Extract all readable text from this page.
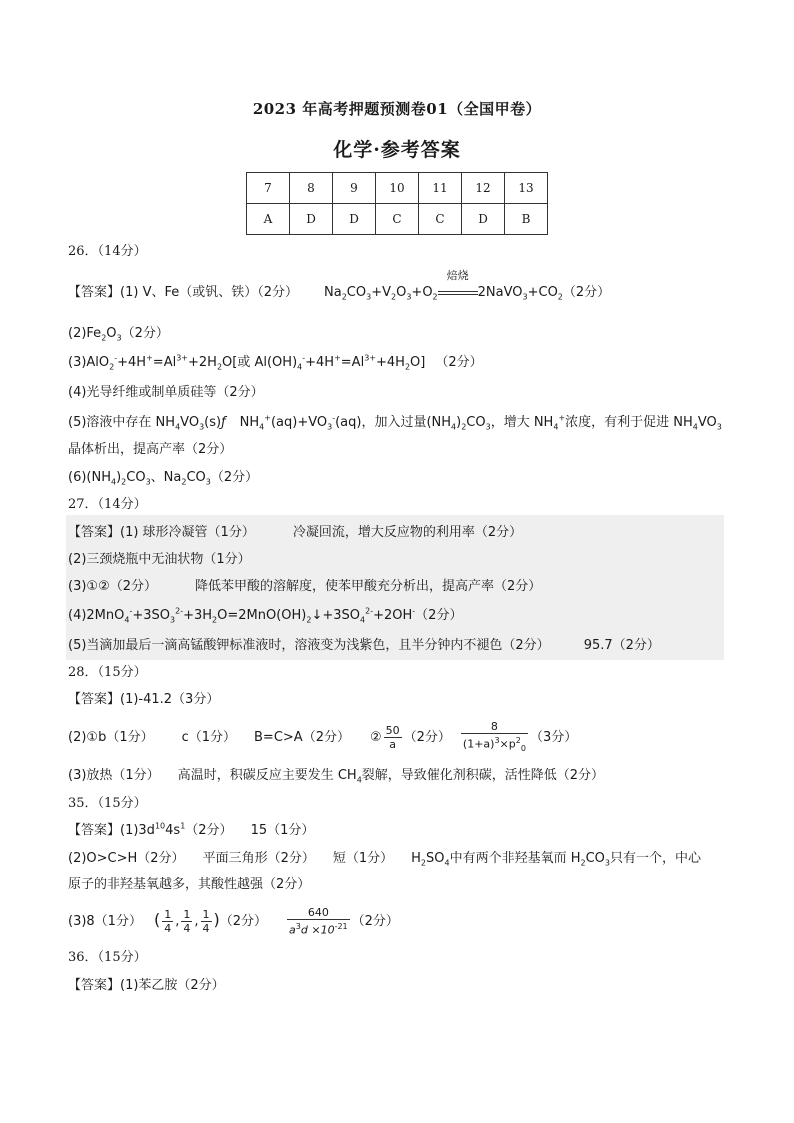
2023 年高考押题预测卷01（全国甲卷）
化学·参考答案
7	8	9	10	11	12	13
A	D	D	C	C	D	B
26．（14分）
【答案】(1) V、Fe（或钒、铁）（2分） $Na_2CO_3+V_2O_3+O_2$
焙烧
$2NaVO_3+CO_2(2$分）
$(2)Fe_2O_3(2$分）
$(3)AlO_2^-+4H^+=Al^{3+}+2H_2O$[或 $Al(OH)_4^-+4H^+=Al^{3+}+4H_2O$] （2分）
(4)光导纤维或制单质硅等（2分）
(5)溶液中存在 $NH_4VO_3(s)ƒ$ $NH_4^+(aq)+VO_3^-(aq)$，加入过量$(NH_4)_2CO_3$，增大 $NH_4^+$浓度，有利于促进 $NH_4VO_3$
晶体析出，提高产率（2分）
$(6)(NH_4)_2CO_3$、$Na_2CO_3(2$分）
27．（14分）
【答案】(1) 球形冷凝管（1分）	冷凝回流，增大反应物的利用率（2分）
(2)三颈烧瓶中无油状物（1分）
(3)①②（2分）	降低苯甲酸的溶解度，使苯甲酸充分析出，提高产率（2分）
$(4)2MnO_4^-+3SO_3^{2-}+3H_2O=2MnO(OH)_2↓+3SO_4^{2-}+2OH^-(2$分）
(5)当滴加最后一滴高锰酸钾标准液时，溶液变为浅紫色，且半分钟内不褪色（2分）	95.7（2分）
28．（15分）
【答案】(1)-41.2（3分）
(2)①b（1分） c（1分） B=C>A（2分） ② $\frac{50}{a} (2$分） $\frac{8}{(1+a)^3\times p^2_0} (3$分）
(3)放热（1分） 高温时，积碳反应主要发生 $CH_4$裂解，导致催化剂积碳，活性降低（2分）
35．（15分）
【答案】$(1)3d^{10}4s^1(2$分） 15（1分）
(2)O>C>H（2分） 平面三角形（2分） 短（1分） $H_2SO_4$中有两个非羟基氧而 $H_2CO_3$只有一个，中心
原子的非羟基氧越多，其酸性越强（2分）
(3)8（1分） ( $\frac{1}{4}$ , $\frac{1}{4}$ , $\frac{1}{4} )(2$分） $\frac{640}{a^3d \times 10^{-21}} (2$分）
36．（15分）
【答案】(1)苯乙胺（2分）
